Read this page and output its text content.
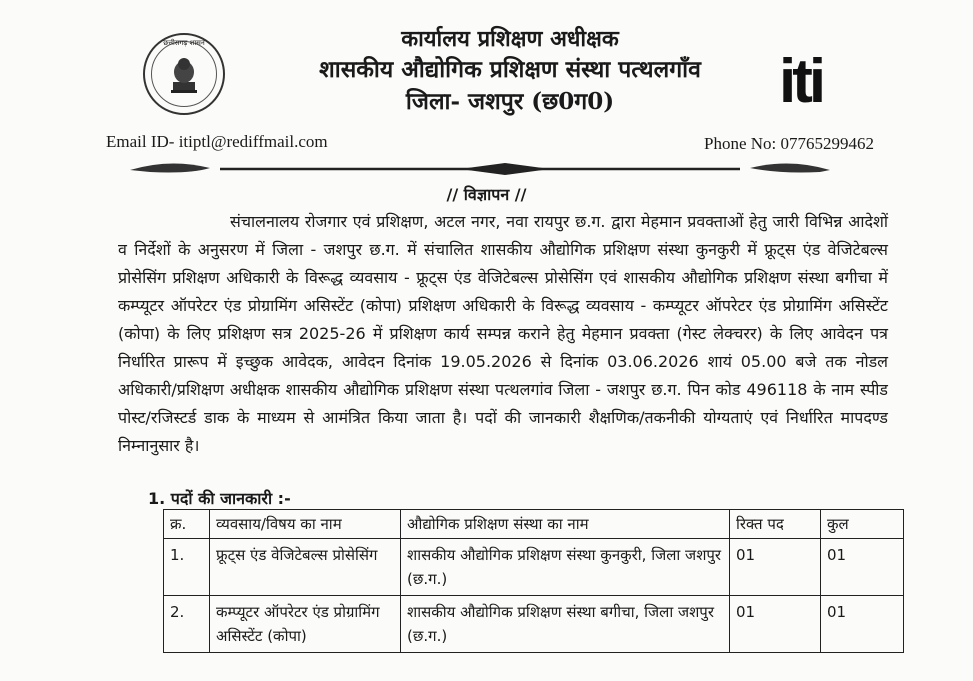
छत्तीसगढ़ शासन	कार्यालय प्रशिक्षण अधीक्षक
शासकीय औद्योगिक प्रशिक्षण संस्था पत्थलगाँव
जिला- जशपुर (छ0ग0)	iti
Email ID- itiptl@rediffmail.com	Phone No: 07765299462
// विज्ञापन //
संचालनालय रोजगार एवं प्रशिक्षण, अटल नगर, नवा रायपुर छ.ग. द्वारा मेहमान प्रवक्ताओं हेतु जारी विभिन्न आदेशों व निर्देशों के अनुसरण में जिला - जशपुर छ.ग. में संचालित शासकीय औद्योगिक प्रशिक्षण संस्था कुनकुरी में फ्रूट्स एंड वेजिटेबल्स प्रोसेसिंग प्रशिक्षण अधिकारी के विरूद्ध व्यवसाय - फ्रूट्स एंड वेजिटेबल्स प्रोसेसिंग एवं शासकीय औद्योगिक प्रशिक्षण संस्था बगीचा में कम्प्यूटर ऑपरेटर एंड प्रोग्रामिंग असिस्टेंट (कोपा) प्रशिक्षण अधिकारी के विरूद्ध व्यवसाय - कम्प्यूटर ऑपरेटर एंड प्रोग्रामिंग असिस्टेंट (कोपा) के लिए प्रशिक्षण सत्र 2025-26 में प्रशिक्षण कार्य सम्पन्न कराने हेतु मेहमान प्रवक्ता (गेस्ट लेक्चरर) के लिए आवेदन पत्र निर्धारित प्रारूप में इच्छुक आवेदक, आवेदन दिनांक 19.05.2026 से दिनांक 03.06.2026 शायं 05.00 बजे तक नोडल अधिकारी/प्रशिक्षण अधीक्षक शासकीय औद्योगिक प्रशिक्षण संस्था पत्थलगांव जिला - जशपुर छ.ग. पिन कोड 496118 के नाम स्पीड पोस्ट/रजिस्टर्ड डाक के माध्यम से आमंत्रित किया जाता है। पदों की जानकारी शैक्षणिक/तकनीकी योग्यताएं एवं निर्धारित मापदण्ड निम्नानुसार है।
1. पदों की जानकारी :-
क्र.	व्यवसाय/विषय का नाम	औद्योगिक प्रशिक्षण संस्था का नाम	रिक्त पद	कुल
1.	फ्रूट्स एंड वेजिटेबल्स प्रोसेसिंग	शासकीय औद्योगिक प्रशिक्षण संस्था कुनकुरी, जिला जशपुर (छ.ग.)	01	01
2.	कम्प्यूटर ऑपरेटर एंड प्रोग्रामिंग असिस्टेंट (कोपा)	शासकीय औद्योगिक प्रशिक्षण संस्था बगीचा, जिला जशपुर (छ.ग.)	01	01
